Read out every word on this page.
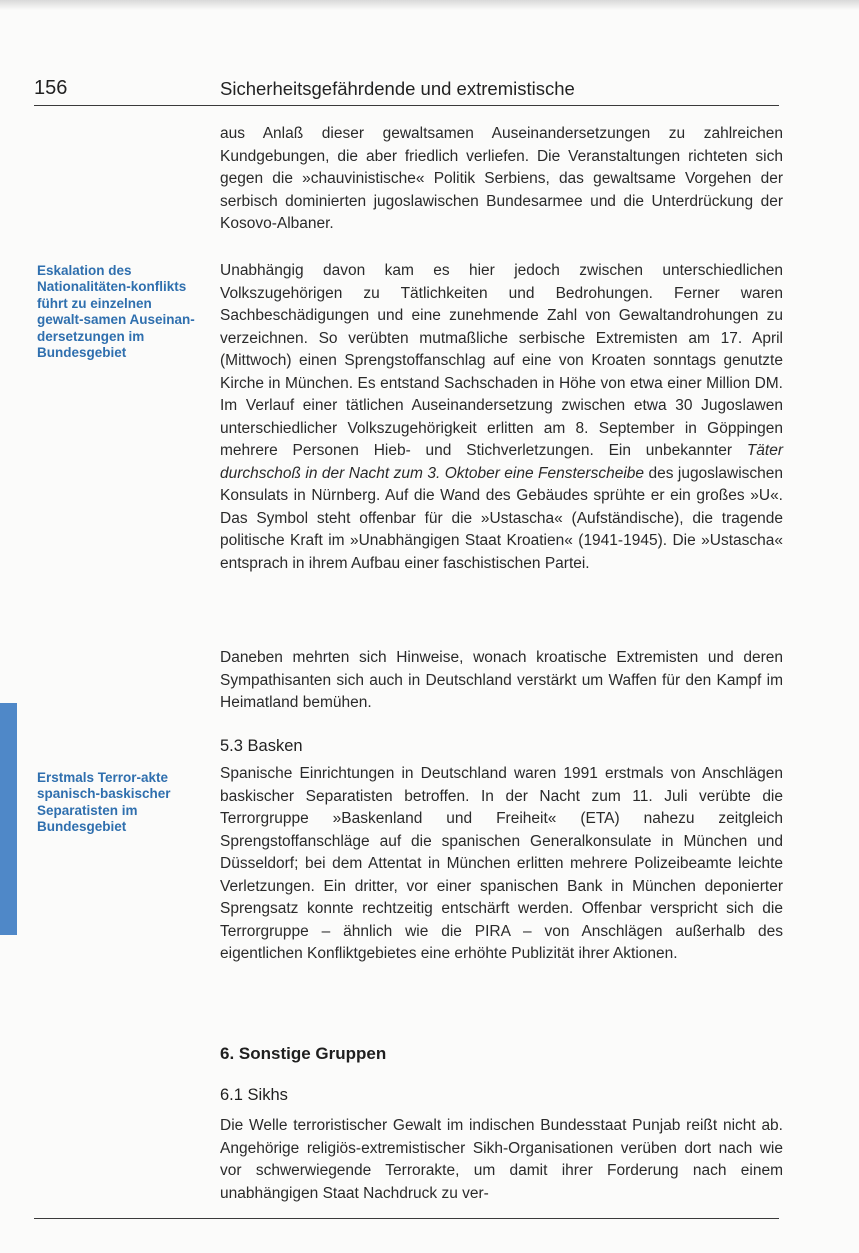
156	Sicherheitsgefährdende und extremistische
Eskalation des Nationalitäten-konflikts führt zu einzelnen gewalt-samen Auseinan-dersetzungen im Bundesgebiet
Erstmals Terror-akte spanisch-baskischer Separatisten im Bundesgebiet
aus Anlaß dieser gewaltsamen Auseinandersetzungen zu zahlreichen Kundgebungen, die aber friedlich verliefen. Die Veranstaltungen richteten sich gegen die »chauvinistische« Politik Serbiens, das gewaltsame Vorgehen der serbisch dominierten jugoslawischen Bundesarmee und die Unterdrückung der Kosovo-Albaner.
Unabhängig davon kam es hier jedoch zwischen unterschiedlichen Volkszugehörigen zu Tätlichkeiten und Bedrohungen. Ferner waren Sachbeschädigungen und eine zunehmende Zahl von Gewaltandrohungen zu verzeichnen. So verübten mutmaßliche serbische Extremisten am 17. April (Mittwoch) einen Sprengstoffanschlag auf eine von Kroaten sonntags genutzte Kirche in München. Es entstand Sachschaden in Höhe von etwa einer Million DM. Im Verlauf einer tätlichen Auseinandersetzung zwischen etwa 30 Jugoslawen unterschiedlicher Volkszugehörigkeit erlitten am 8. September in Göppingen mehrere Personen Hieb- und Stichverletzungen. Ein unbekannter Täter durchschoß in der Nacht zum 3. Oktober eine Fensterscheibe des jugoslawischen Konsulats in Nürnberg. Auf die Wand des Gebäudes sprühte er ein großes »U«. Das Symbol steht offenbar für die »Ustascha« (Aufständische), die tragende politische Kraft im »Unabhängigen Staat Kroatien« (1941-1945). Die »Ustascha« entsprach in ihrem Aufbau einer faschistischen Partei.
Daneben mehrten sich Hinweise, wonach kroatische Extremisten und deren Sympathisanten sich auch in Deutschland verstärkt um Waffen für den Kampf im Heimatland bemühen.
5.3 Basken
Spanische Einrichtungen in Deutschland waren 1991 erstmals von Anschlägen baskischer Separatisten betroffen. In der Nacht zum 11. Juli verübte die Terrorgruppe »Baskenland und Freiheit« (ETA) nahezu zeitgleich Sprengstoffanschläge auf die spanischen Generalkonsulate in München und Düsseldorf; bei dem Attentat in München erlitten mehrere Polizeibeamte leichte Verletzungen. Ein dritter, vor einer spanischen Bank in München deponierter Sprengsatz konnte rechtzeitig entschärft werden. Offenbar verspricht sich die Terrorgruppe – ähnlich wie die PIRA – von Anschlägen außerhalb des eigentlichen Konfliktgebietes eine erhöhte Publizität ihrer Aktionen.
6. Sonstige Gruppen
6.1 Sikhs
Die Welle terroristischer Gewalt im indischen Bundesstaat Punjab reißt nicht ab. Angehörige religiös-extremistischer Sikh-Organisationen verüben dort nach wie vor schwerwiegende Terrorakte, um damit ihrer Forderung nach einem unabhängigen Staat Nachdruck zu ver-
